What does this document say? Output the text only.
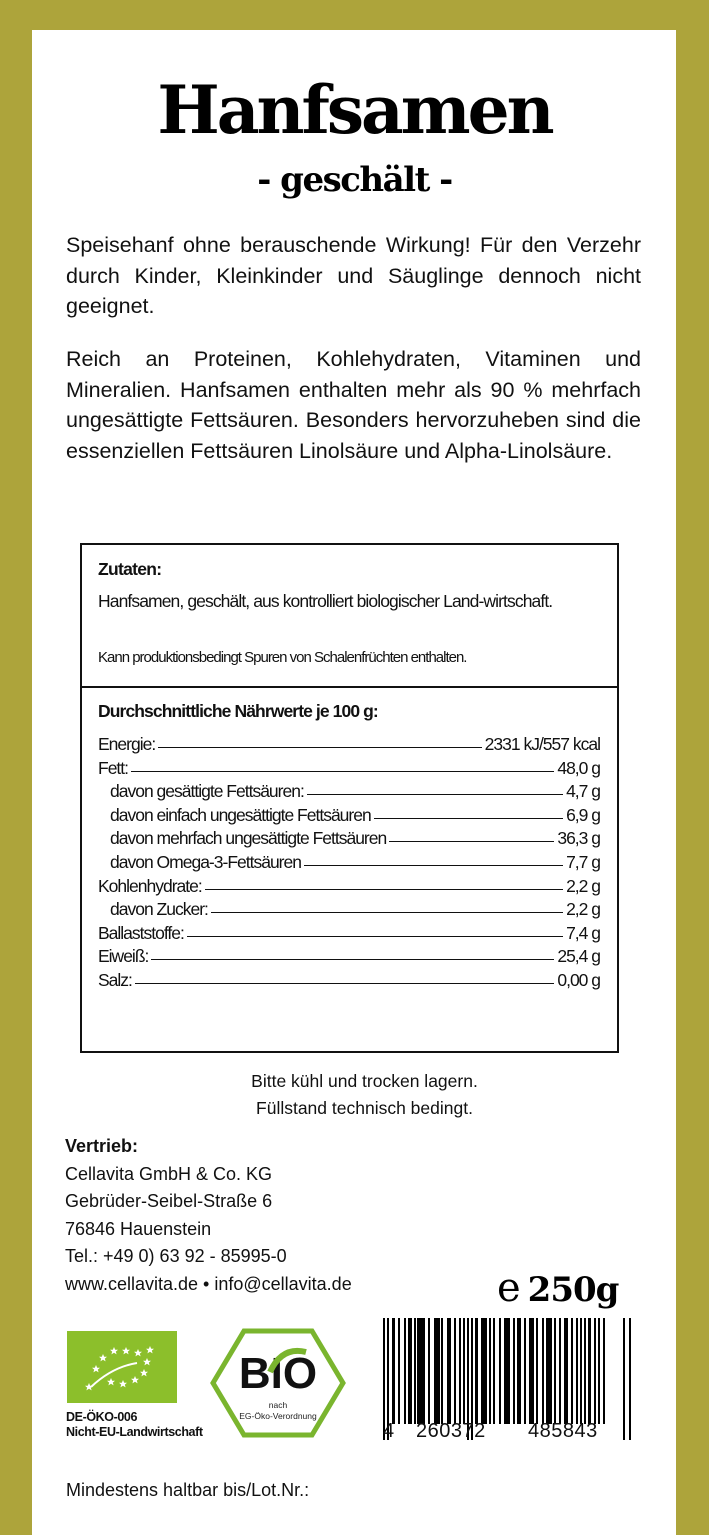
Hanfsamen
- geschält -
Speisehanf ohne berauschende Wirkung! Für den Verzehr durch Kinder, Kleinkinder und Säuglinge dennoch nicht geeignet.
Reich an Proteinen, Kohlehydraten, Vitaminen und Mineralien. Hanfsamen enthalten mehr als 90 % mehrfach ungesättigte Fettsäuren. Besonders hervorzuheben sind die essenziellen Fettsäuren Linolsäure und Alpha-Linolsäure.
Zutaten:
Hanfsamen, geschält, aus kontrolliert biologischer Land-wirtschaft.
Kann produktionsbedingt Spuren von Schalenfrüchten enthalten.
Durchschnittliche Nährwerte je 100 g:
Energie:	2331 kJ/557 kcal
Fett:	48,0 g
davon gesättigte Fettsäuren:	4,7 g
davon einfach ungesättigte Fettsäuren	6,9 g
davon mehrfach ungesättigte Fettsäuren	36,3 g
davon Omega-3-Fettsäuren	7,7 g
Kohlenhydrate:	2,2 g
davon Zucker:	2,2 g
Ballaststoffe:	7,4 g
Eiweiß:	25,4 g
Salz:	0,00 g
Bitte kühl und trocken lagern.
Füllstand technisch bedingt.
Vertrieb:
Cellavita GmbH & Co. KG
Gebrüder-Seibel-Straße 6
76846 Hauenstein
Tel.: +49 0) 63 92 - 85995-0
www.cellavita.de • info@cellavita.de	e 250g
4 260372 485843
DE-ÖKO-006
Nicht-EU-Landwirtschaft
BIO
nach
EG-Öko-Verordnung
Mindestens haltbar bis/Lot.Nr.:
